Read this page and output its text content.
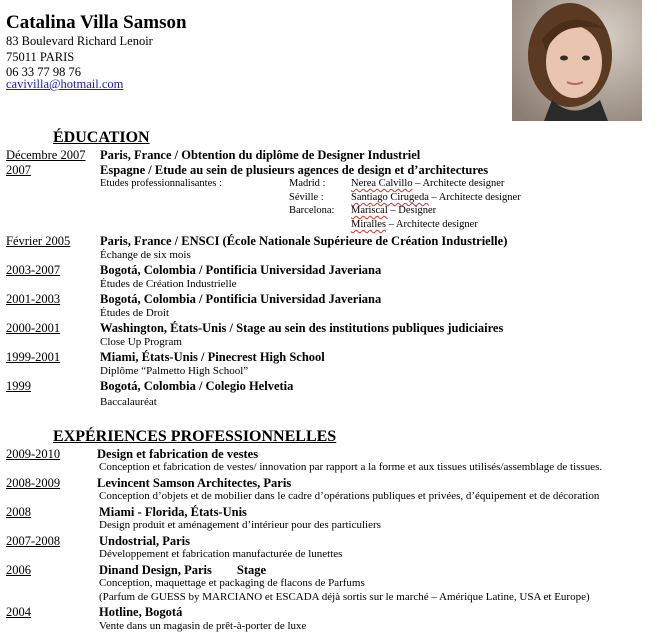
Catalina Villa Samson
83 Boulevard Richard Lenoir
75011 PARIS
06 33 77 98 76
cavivilla@hotmail.com
ÉDUCATION
Décembre 2007 Paris, France / Obtention du diplôme de Designer Industriel
2007	Espagne / Etude au sein de plusieurs agences de design et d’architectures
Etudes professionnalisantes :	Madrid : Nerea Calvillo – Architecte designer
Séville :	Santiago Cirugeda – Architecte designer
Barcelona: Mariscal – Designer
Miralles – Architecte designer
Février 2005 Paris, France / ENSCI (École Nationale Supérieure de Création Industrielle)
Échange de six mois
2003-2007	Bogotá, Colombia / Pontificia Universidad Javeriana
Études de Création Industrielle
2001-2003	Bogotá, Colombia / Pontificia Universidad Javeriana
Études de Droit
2000-2001	Washington, États-Unis / Stage au sein des institutions publiques judiciaires
Close Up Program
1999-2001	Miami, États-Unis / Pinecrest High School
Diplôme “Palmetto High School”
1999	Bogotá, Colombia / Colegio Helvetia
Baccalauréat
EXPÉRIENCES PROFESSIONNELLES
2009-2010	Design et fabrication de vestes
Conception et fabrication de vestes/ innovation par rapport a la forme et aux tissues utilisés/assemblage de tissues.
2008-2009	Levincent Samson Architectes, Paris
Conception d’objets et de mobilier dans le cadre d’opérations publiques et privées, d’équipement et de décoration
2008	Miami - Florida, États-Unis
Design produit et aménagement d’intérieur pour des particuliers
2007-2008	Undostrial, Paris
Développement et fabrication manufacturée de lunettes
2006	Dinand Design, Paris        Stage
Conception, maquettage et packaging de flacons de Parfums
(Parfum de GUESS by MARCIANO et ESCADA déjà sortis sur le marché – Amérique Latine, USA et Europe)
2004	Hotline, Bogotá
Vente dans un magasin de prêt-à-porter de luxe
